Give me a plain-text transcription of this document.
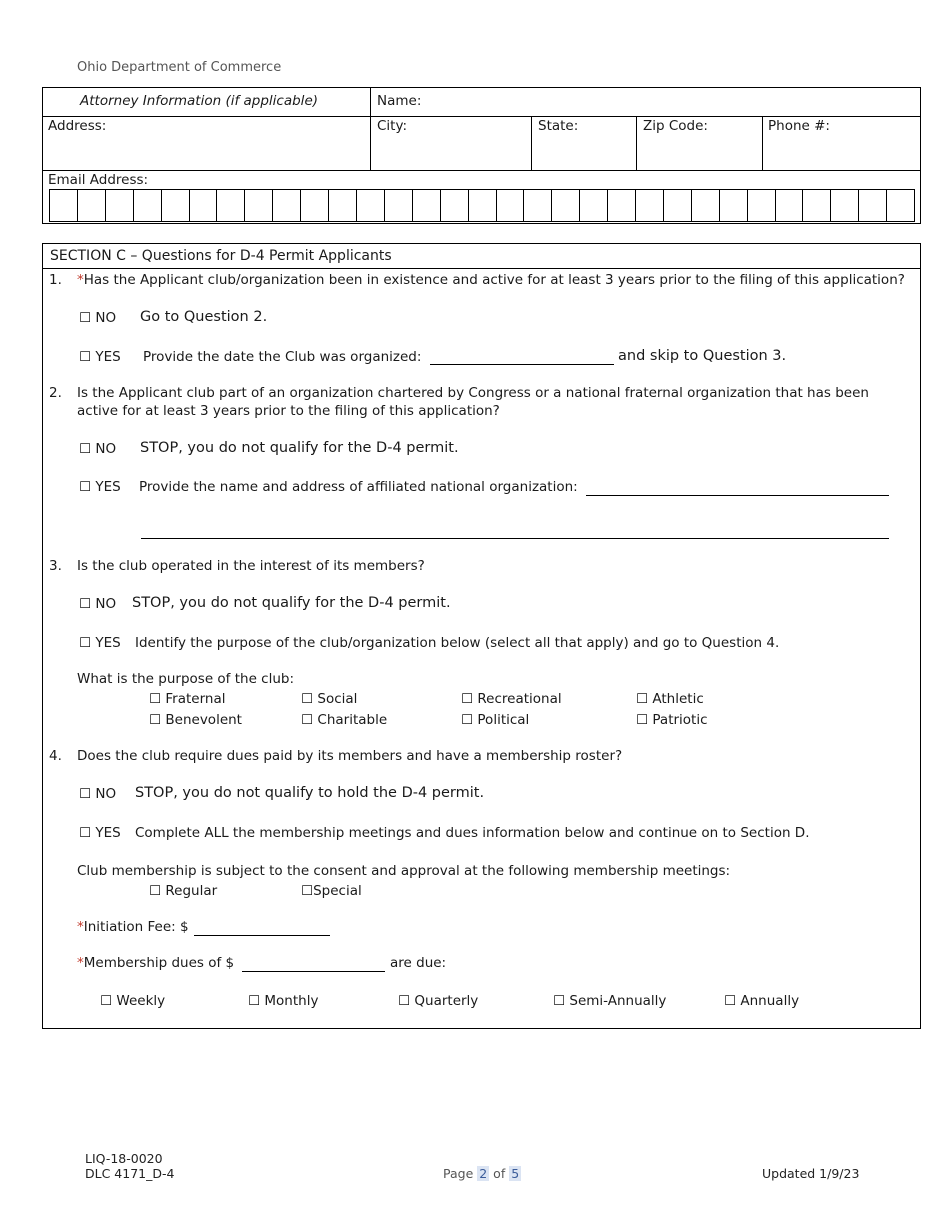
Ohio Department of Commerce
Attorney Information (if applicable)	Name:
Address:	City:	State:	Zip Code:	Phone #:
Email Address:
SECTION C – Questions for D-4 Permit Applicants
1. *Has the Applicant club/organization been in existence and active for at least 3 years prior to the filing of this application?
☐ NO Go to Question 2.
☐ YES Provide the date the Club was organized:	and skip to Question 3.
2. Is the Applicant club part of an organization chartered by Congress or a national fraternal organization that has been
active for at least 3 years prior to the filing of this application?
☐ NO STOP, you do not qualify for the D-4 permit.
☐ YES Provide the name and address of affiliated national organization:
3. Is the club operated in the interest of its members?
☐ NO STOP, you do not qualify for the D-4 permit.
☐ YES Identify the purpose of the club/organization below (select all that apply) and go to Question 4.
What is the purpose of the club:
☐ Fraternal	☐ Social	☐ Recreational	☐ Athletic
☐ Benevolent	☐ Charitable	☐ Political	☐ Patriotic
4. Does the club require dues paid by its members and have a membership roster?
☐ NO STOP, you do not qualify to hold the D-4 permit.
☐ YES Complete ALL the membership meetings and dues information below and continue on to Section D.
Club membership is subject to the consent and approval at the following membership meetings:
☐ Regular	☐Special
*Initiation Fee: $
*Membership dues of $	are due:
☐ Weekly	☐ Monthly	☐ Quarterly	☐ Semi-Annually	☐ Annually
LIQ-18-0020
DLC 4171_D-4	Page 2 of 5	Updated 1/9/23
